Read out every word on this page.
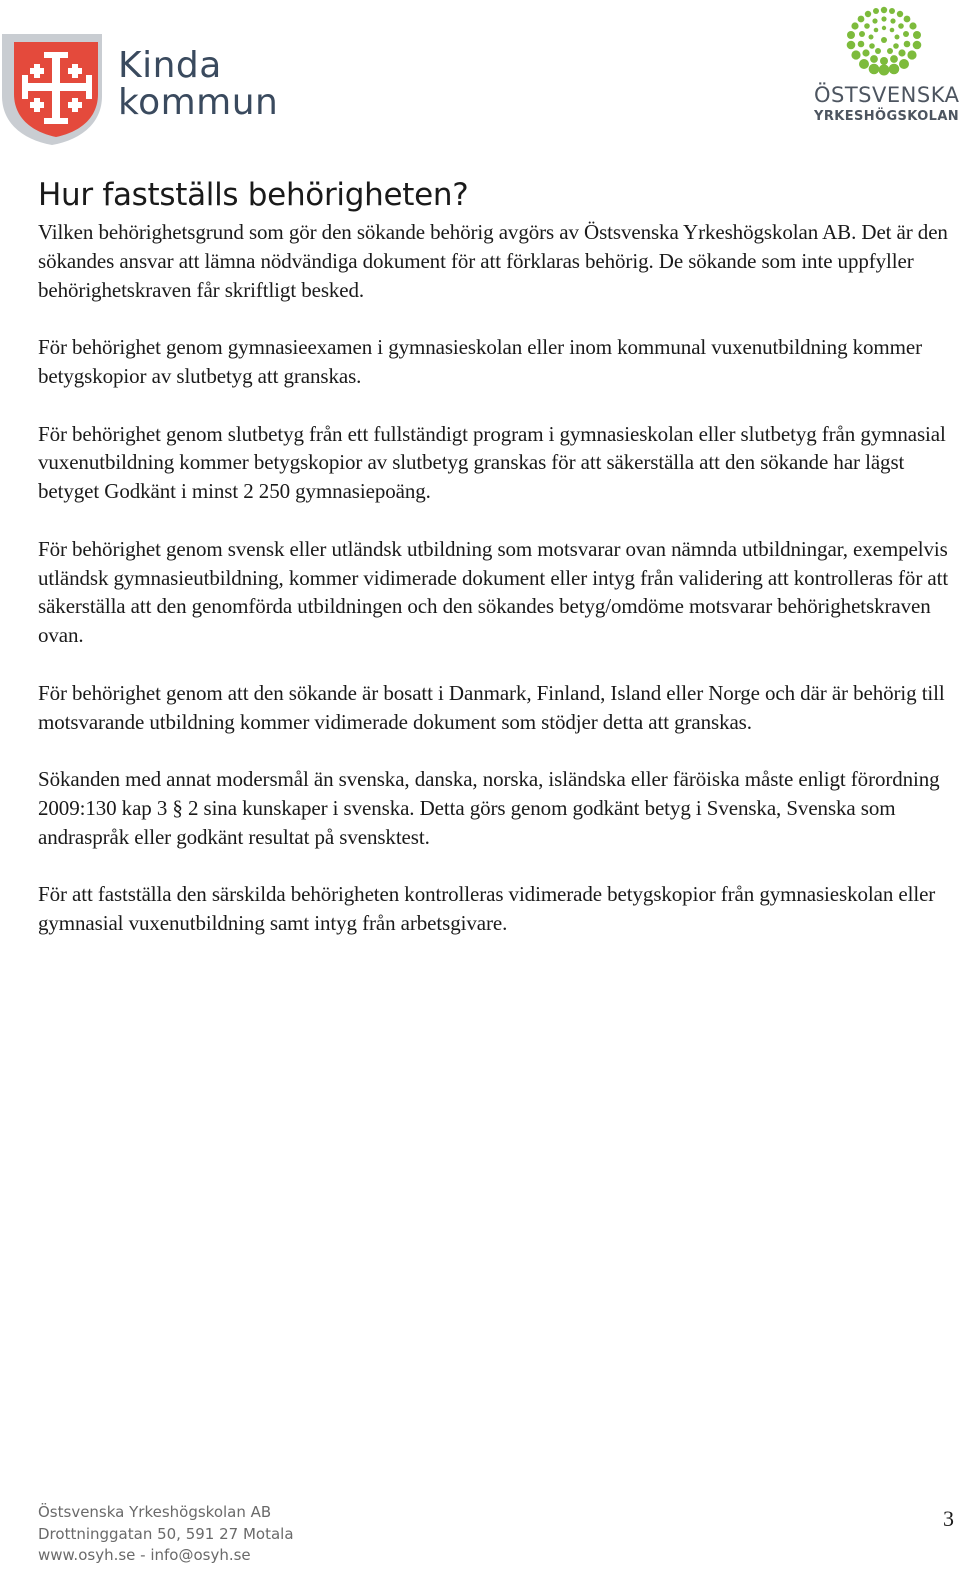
Kinda
kommun	ÖSTSVENSKA
YRKESHÖGSKOLAN
Hur fastställs behörigheten?

Vilken behörighetsgrund som gör den sökande behörig avgörs av Östsvenska Yrkeshögskolan AB. Det är den sökandes ansvar att lämna nödvändiga dokument för att förklaras behörig. De sökande som inte uppfyller behörighetskraven får skriftligt besked.

För behörighet genom gymnasieexamen i gymnasieskolan eller inom kommunal vuxenutbildning kommer betygskopior av slutbetyg att granskas.

För behörighet genom slutbetyg från ett fullständigt program i gymnasieskolan eller slutbetyg från gymnasial vuxenutbildning kommer betygskopior av slutbetyg granskas för att säkerställa att den sökande har lägst betyget Godkänt i minst 2 250 gymnasiepoäng.

För behörighet genom svensk eller utländsk utbildning som motsvarar ovan nämnda utbildningar, exempelvis utländsk gymnasieutbildning, kommer vidimerade dokument eller intyg från validering att kontrolleras för att säkerställa att den genomförda utbildningen och den sökandes betyg/omdöme motsvarar behörighetskraven ovan.

För behörighet genom att den sökande är bosatt i Danmark, Finland, Island eller Norge och där är behörig till motsvarande utbildning kommer vidimerade dokument som stödjer detta att granskas.

Sökanden med annat modersmål än svenska, danska, norska, isländska eller färöiska måste enligt förordning 2009:130 kap 3 § 2 sina kunskaper i svenska. Detta görs genom godkänt betyg i Svenska, Svenska som andraspråk eller godkänt resultat på svensktest.

För att fastställa den särskilda behörigheten kontrolleras vidimerade betygskopior från gymnasieskolan eller gymnasial vuxenutbildning samt intyg från arbetsgivare.

Östsvenska Yrkeshögskolan AB
Drottninggatan 50, 591 27 Motala
www.osyh.se - info@osyh.se
3
